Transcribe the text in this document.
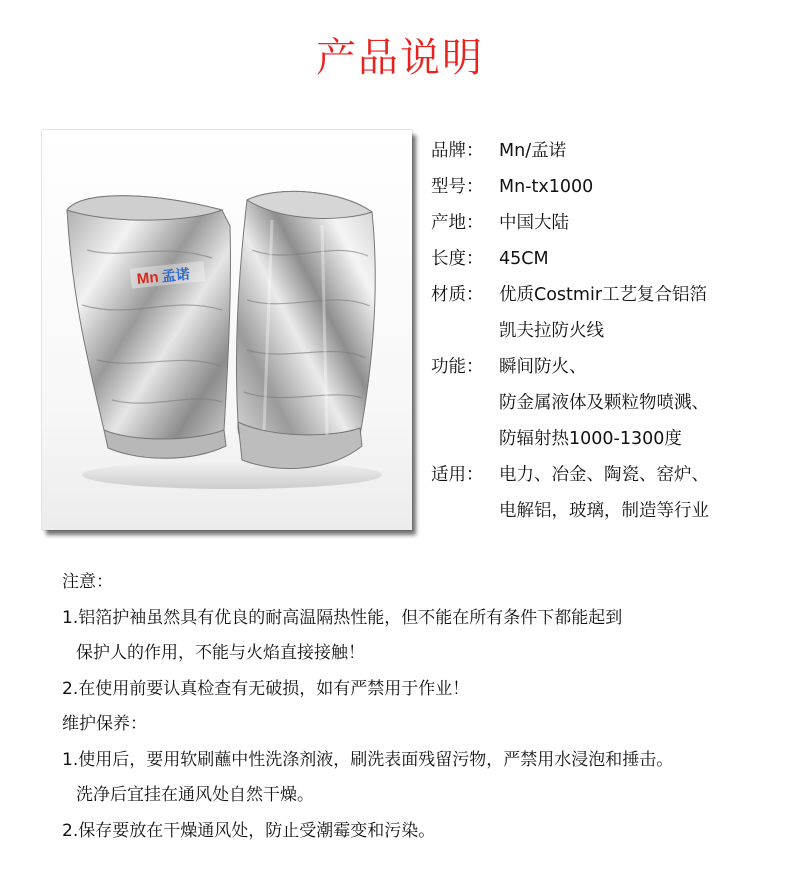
产品说明
Mn 孟诺
品牌： Mn/孟诺
型号： Mn-tx1000
产地： 中国大陆
长度： 45CM
材质： 优质Costmir工艺复合铝箔
凯夫拉防火线
功能： 瞬间防火、
防金属液体及颗粒物喷溅、
防辐射热1000-1300度
适用： 电力、冶金、陶瓷、窑炉、
电解铝，玻璃，制造等行业
注意：
1.铝箔护袖虽然具有优良的耐高温隔热性能，但不能在所有条件下都能起到
保护人的作用，不能与火焰直接接触！
2.在使用前要认真检查有无破损，如有严禁用于作业！
维护保养：
1.使用后，要用软刷蘸中性洗涤剂液，刷洗表面残留污物，严禁用水浸泡和捶击。
洗净后宜挂在通风处自然干燥。
2.保存要放在干燥通风处，防止受潮霉变和污染。
